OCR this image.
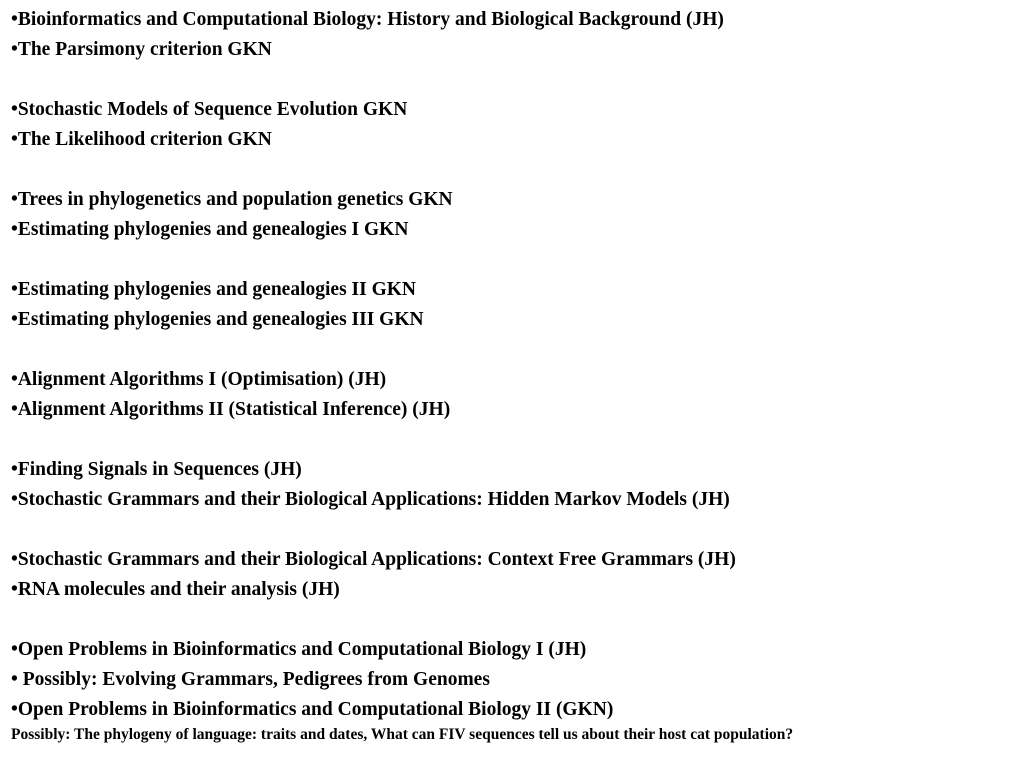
•Bioinformatics and Computational Biology: History and Biological Background (JH)
•The Parsimony criterion GKN
•Stochastic Models of Sequence Evolution GKN
•The Likelihood criterion GKN
•Trees in phylogenetics and population genetics GKN
•Estimating phylogenies and genealogies I GKN
•Estimating phylogenies and genealogies II GKN
•Estimating phylogenies and genealogies III GKN
•Alignment Algorithms I (Optimisation) (JH)
•Alignment Algorithms II (Statistical Inference) (JH)
•Finding Signals in Sequences (JH)
•Stochastic Grammars and their Biological Applications: Hidden Markov Models (JH)
•Stochastic Grammars and their Biological Applications: Context Free Grammars (JH)
•RNA molecules and their analysis (JH)
•Open Problems in Bioinformatics and Computational Biology I (JH)
• Possibly: Evolving Grammars, Pedigrees from Genomes
•Open Problems in Bioinformatics and Computational Biology II (GKN)
Possibly: The phylogeny of language: traits and dates, What can FIV sequences tell us about their host cat population?
